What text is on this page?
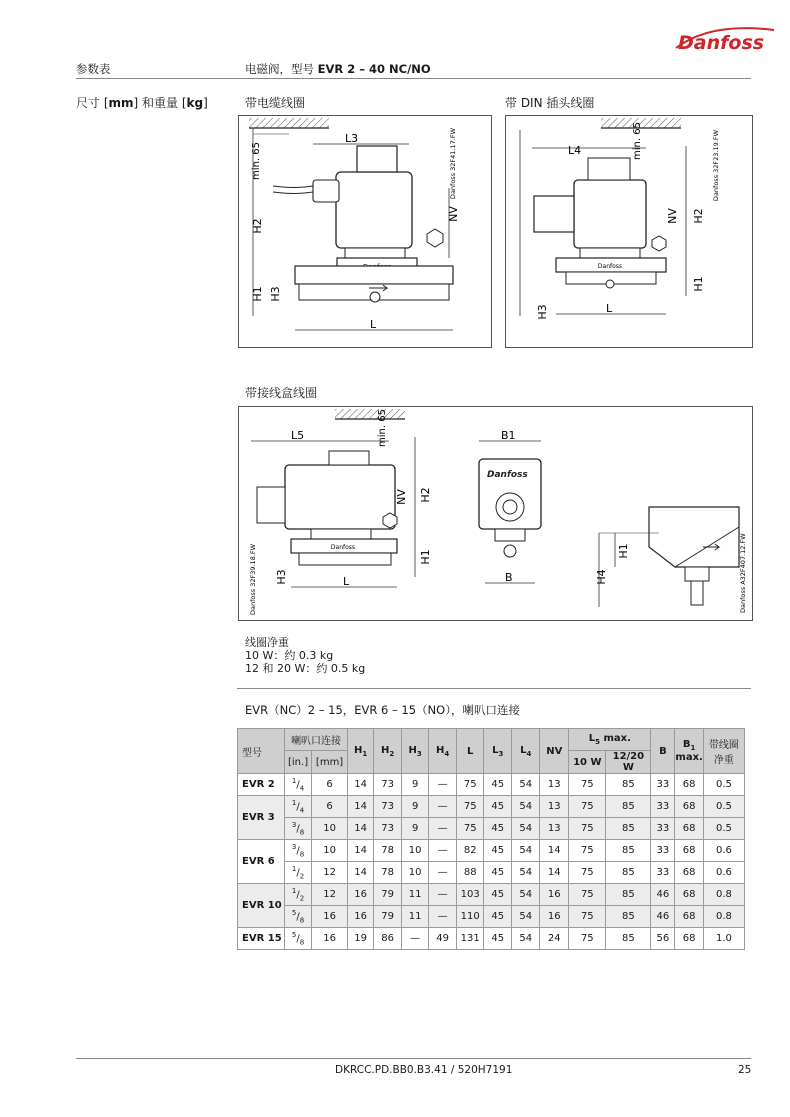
Danfoss
参数表	电磁阀，型号 EVR 2 – 40 NC/NO
尺寸 [mm] 和重量 [kg]	带电缆线圈	带 DIN 插头线圈
min. 65
L3
H2
H1 H3
NV
L
Danfoss 32F41.17.FW
Danfoss
L4	min. 65
H2
H1
NV
H3	L
Danfoss 32F23.19.FW
带接线盒线圈
Danfoss
L5	min. 65
H2
H1
NV
H3	L
Danfoss 32F39.18.FW
Danfoss
B1
B
H1
H4	Danfoss A32F407.12.FW
线圈净重
10 W：约 0.3 kg
12 和 20 W：约 0.5 kg
EVR（NC）2 – 15，EVR 6 – 15（NO），喇叭口连接
型号	喇叭口连接		$H_1$	$H_2$	$H_3$	$H_4$	L	$L_3$	$L_4$	NV	$L_5$ max.		B	$B_1$
max.	带线圈净重
	[in.]	[mm]									10 W	12/20 W			
EVR 2	$^1/_4$	6	14	73	9	—	75	45	54	13	75	85	33	68	0.5
EVR 3	$^1/_4$	6	14	73	9	—	75	45	54	13	75	85	33	68	0.5
	$^3/_8$	10	14	73	9	—	75	45	54	13	75	85	33	68	0.5
EVR 6	$^3/_8$	10	14	78	10	—	82	45	54	14	75	85	33	68	0.6
	$^1/_2$	12	14	78	10	—	88	45	54	14	75	85	33	68	0.6
EVR 10	$^1/_2$	12	16	79	11	—	103	45	54	16	75	85	46	68	0.8
	$^5/_8$	16	16	79	11	—	110	45	54	16	75	85	46	68	0.8
EVR 15	$^5/_8$	16	19	86	—	49	131	45	54	24	75	85	56	68	1.0
DKRCC.PD.BB0.B3.41 / 520H7191	25
